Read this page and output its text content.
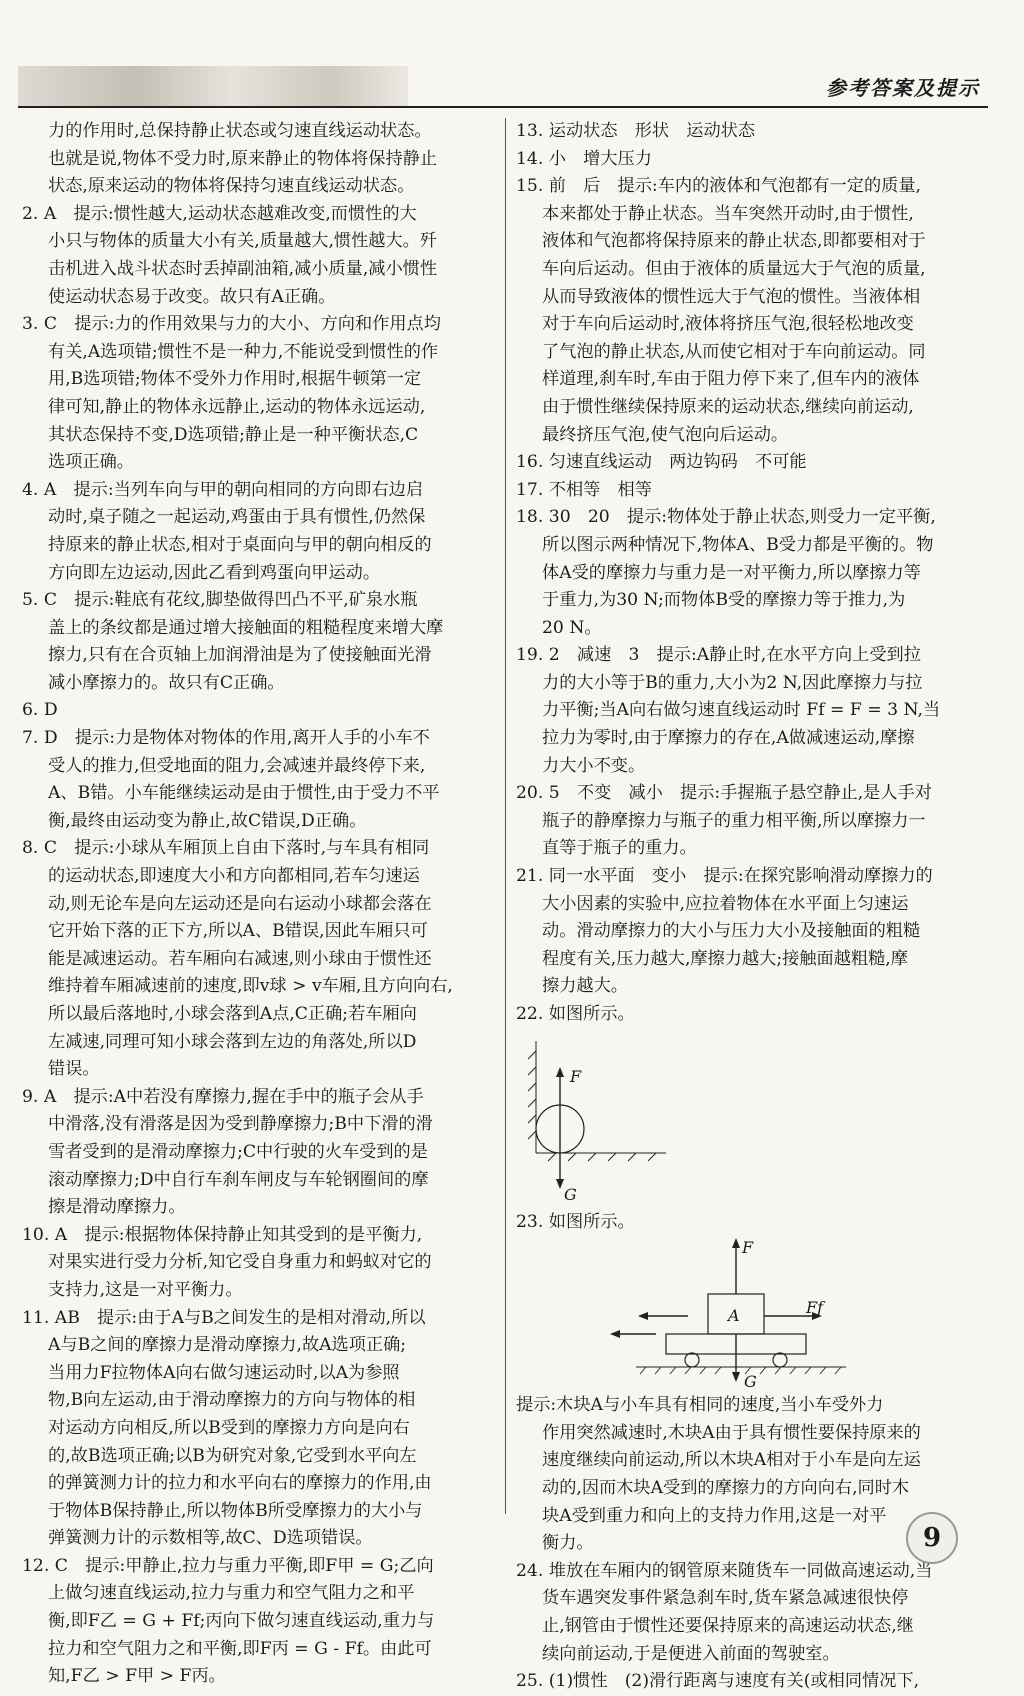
参考答案及提示
力的作用时,总保持静止状态或匀速直线运动状态。
也就是说,物体不受力时,原来静止的物体将保持静止
状态,原来运动的物体将保持匀速直线运动状态。
2. A　提示:惯性越大,运动状态越难改变,而惯性的大
小只与物体的质量大小有关,质量越大,惯性越大。歼
击机进入战斗状态时丢掉副油箱,减小质量,减小惯性
使运动状态易于改变。故只有A正确。
3. C　提示:力的作用效果与力的大小、方向和作用点均
有关,A选项错;惯性不是一种力,不能说受到惯性的作
用,B选项错;物体不受外力作用时,根据牛顿第一定
律可知,静止的物体永远静止,运动的物体永远运动,
其状态保持不变,D选项错;静止是一种平衡状态,C
选项正确。
4. A　提示:当列车向与甲的朝向相同的方向即右边启
动时,桌子随之一起运动,鸡蛋由于具有惯性,仍然保
持原来的静止状态,相对于桌面向与甲的朝向相反的
方向即左边运动,因此乙看到鸡蛋向甲运动。
5. C　提示:鞋底有花纹,脚垫做得凹凸不平,矿泉水瓶
盖上的条纹都是通过增大接触面的粗糙程度来增大摩
擦力,只有在合页轴上加润滑油是为了使接触面光滑
减小摩擦力的。故只有C正确。
6. D
7. D　提示:力是物体对物体的作用,离开人手的小车不
受人的推力,但受地面的阻力,会减速并最终停下来,
A、B错。小车能继续运动是由于惯性,由于受力不平
衡,最终由运动变为静止,故C错误,D正确。
8. C　提示:小球从车厢顶上自由下落时,与车具有相同
的运动状态,即速度大小和方向都相同,若车匀速运
动,则无论车是向左运动还是向右运动小球都会落在
它开始下落的正下方,所以A、B错误,因此车厢只可
能是减速运动。若车厢向右减速,则小球由于惯性还
维持着车厢减速前的速度,即v球 > v车厢,且方向向右,
所以最后落地时,小球会落到A点,C正确;若车厢向
左减速,同理可知小球会落到左边的角落处,所以D
错误。
9. A　提示:A中若没有摩擦力,握在手中的瓶子会从手
中滑落,没有滑落是因为受到静摩擦力;B中下滑的滑
雪者受到的是滑动摩擦力;C中行驶的火车受到的是
滚动摩擦力;D中自行车刹车闸皮与车轮钢圈间的摩
擦是滑动摩擦力。
10. A　提示:根据物体保持静止知其受到的是平衡力,
对果实进行受力分析,知它受自身重力和蚂蚁对它的
支持力,这是一对平衡力。
11. AB　提示:由于A与B之间发生的是相对滑动,所以
A与B之间的摩擦力是滑动摩擦力,故A选项正确;
当用力F拉物体A向右做匀速运动时,以A为参照
物,B向左运动,由于滑动摩擦力的方向与物体的相
对运动方向相反,所以B受到的摩擦力方向是向右
的,故B选项正确;以B为研究对象,它受到水平向左
的弹簧测力计的拉力和水平向右的摩擦力的作用,由
于物体B保持静止,所以物体B所受摩擦力的大小与
弹簧测力计的示数相等,故C、D选项错误。
12. C　提示:甲静止,拉力与重力平衡,即F甲 = G;乙向
上做匀速直线运动,拉力与重力和空气阻力之和平
衡,即F乙 = G + Ff;丙向下做匀速直线运动,重力与
拉力和空气阻力之和平衡,即F丙 = G - Ff。由此可
知,F乙 > F甲 > F丙。
13. 运动状态　形状　运动状态
14. 小　增大压力
15. 前　后　提示:车内的液体和气泡都有一定的质量,
本来都处于静止状态。当车突然开动时,由于惯性,
液体和气泡都将保持原来的静止状态,即都要相对于
车向后运动。但由于液体的质量远大于气泡的质量,
从而导致液体的惯性远大于气泡的惯性。当液体相
对于车向后运动时,液体将挤压气泡,很轻松地改变
了气泡的静止状态,从而使它相对于车向前运动。同
样道理,刹车时,车由于阻力停下来了,但车内的液体
由于惯性继续保持原来的运动状态,继续向前运动,
最终挤压气泡,使气泡向后运动。
16. 匀速直线运动　两边钩码　不可能
17. 不相等　相等
18. 30　20　提示:物体处于静止状态,则受力一定平衡,
所以图示两种情况下,物体A、B受力都是平衡的。物
体A受的摩擦力与重力是一对平衡力,所以摩擦力等
于重力,为30 N;而物体B受的摩擦力等于推力,为
20 N。
19. 2　减速　3　提示:A静止时,在水平方向上受到拉
力的大小等于B的重力,大小为2 N,因此摩擦力与拉
力平衡;当A向右做匀速直线运动时 Ff = F = 3 N,当
拉力为零时,由于摩擦力的存在,A做减速运动,摩擦
力大小不变。
20. 5　不变　减小　提示:手握瓶子悬空静止,是人手对
瓶子的静摩擦力与瓶子的重力相平衡,所以摩擦力一
直等于瓶子的重力。
21. 同一水平面　变小　提示:在探究影响滑动摩擦力的
大小因素的实验中,应拉着物体在水平面上匀速运
动。滑动摩擦力的大小与压力大小及接触面的粗糙
程度有关,压力越大,摩擦力越大;接触面越粗糙,摩
擦力越大。
22. 如图所示。
F
G
23. 如图所示。
F
A	Ff
G
提示:木块A与小车具有相同的速度,当小车受外力
作用突然减速时,木块A由于具有惯性要保持原来的
速度继续向前运动,所以木块A相对于小车是向左运
动的,因而木块A受到的摩擦力的方向向右,同时木
块A受到重力和向上的支持力作用,这是一对平
衡力。
24. 堆放在车厢内的钢管原来随货车一同做高速运动,当
货车遇突发事件紧急刹车时,货车紧急减速很快停
止,钢管由于惯性还要保持原来的高速运动状态,继
续向前运动,于是便进入前面的驾驶室。
25. (1)惯性　(2)滑行距离与速度有关(或相同情况下,
9
